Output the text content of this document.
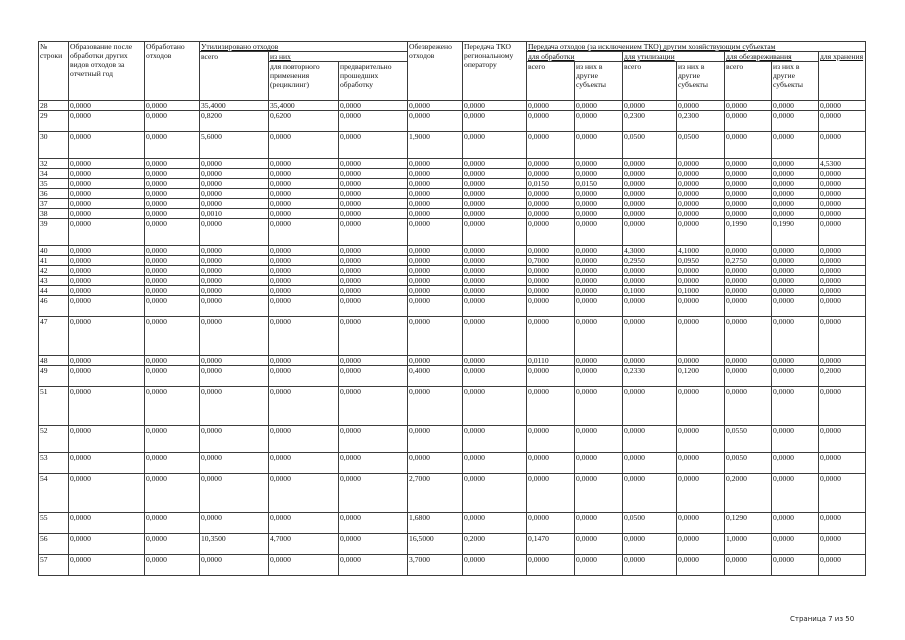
№ строки	Образование после обработки других видов отходов за отчетный год	Обработано отходов	Утилизировано отходов			Обезврежено отходов	Передача ТКО региональному оператору	Передача отходов (за исключением ТКО) другим хозяйствующим субъектам						
			всего	из них				для обработки		для утилизации		для обезвреживания		для хранения
				для повторного применения (рециклинг)	предварительно прошедших обработку			всего	из них в другие субъекты	всего	из них в другие субъекты	всего	из них в другие субъекты	
28	0,0000	0,0000	35,4000	35,4000	0,0000	0,0000	0,0000	0,0000	0,0000	0,0000	0,0000	0,0000	0,0000	0,0000
29	0,0000	0,0000	0,8200	0,6200	0,0000	0,0000	0,0000	0,0000	0,0000	0,2300	0,2300	0,0000	0,0000	0,0000
30	0,0000	0,0000	5,6000	0,0000	0,0000	1,9000	0,0000	0,0000	0,0000	0,0500	0,0500	0,0000	0,0000	0,0000
32	0,0000	0,0000	0,0000	0,0000	0,0000	0,0000	0,0000	0,0000	0,0000	0,0000	0,0000	0,0000	0,0000	4,5300
34	0,0000	0,0000	0,0000	0,0000	0,0000	0,0000	0,0000	0,0000	0,0000	0,0000	0,0000	0,0000	0,0000	0,0000
35	0,0000	0,0000	0,0000	0,0000	0,0000	0,0000	0,0000	0,0150	0,0150	0,0000	0,0000	0,0000	0,0000	0,0000
36	0,0000	0,0000	0,0000	0,0000	0,0000	0,0000	0,0000	0,0000	0,0000	0,0000	0,0000	0,0000	0,0000	0,0000
37	0,0000	0,0000	0,0000	0,0000	0,0000	0,0000	0,0000	0,0000	0,0000	0,0000	0,0000	0,0000	0,0000	0,0000
38	0,0000	0,0000	0,0010	0,0000	0,0000	0,0000	0,0000	0,0000	0,0000	0,0000	0,0000	0,0000	0,0000	0,0000
39	0,0000	0,0000	0,0000	0,0000	0,0000	0,0000	0,0000	0,0000	0,0000	0,0000	0,0000	0,1990	0,1990	0,0000
40	0,0000	0,0000	0,0000	0,0000	0,0000	0,0000	0,0000	0,0000	0,0000	4,3000	4,1000	0,0000	0,0000	0,0000
41	0,0000	0,0000	0,0000	0,0000	0,0000	0,0000	0,0000	0,7000	0,0000	0,2950	0,0950	0,2750	0,0000	0,0000
42	0,0000	0,0000	0,0000	0,0000	0,0000	0,0000	0,0000	0,0000	0,0000	0,0000	0,0000	0,0000	0,0000	0,0000
43	0,0000	0,0000	0,0000	0,0000	0,0000	0,0000	0,0000	0,0000	0,0000	0,0000	0,0000	0,0000	0,0000	0,0000
44	0,0000	0,0000	0,0000	0,0000	0,0000	0,0000	0,0000	0,0000	0,0000	0,1000	0,1000	0,0000	0,0000	0,0000
46	0,0000	0,0000	0,0000	0,0000	0,0000	0,0000	0,0000	0,0000	0,0000	0,0000	0,0000	0,0000	0,0000	0,0000
47	0,0000	0,0000	0,0000	0,0000	0,0000	0,0000	0,0000	0,0000	0,0000	0,0000	0,0000	0,0000	0,0000	0,0000
48	0,0000	0,0000	0,0000	0,0000	0,0000	0,0000	0,0000	0,0110	0,0000	0,0000	0,0000	0,0000	0,0000	0,0000
49	0,0000	0,0000	0,0000	0,0000	0,0000	0,4000	0,0000	0,0000	0,0000	0,2330	0,1200	0,0000	0,0000	0,2000
51	0,0000	0,0000	0,0000	0,0000	0,0000	0,0000	0,0000	0,0000	0,0000	0,0000	0,0000	0,0000	0,0000	0,0000
52	0,0000	0,0000	0,0000	0,0000	0,0000	0,0000	0,0000	0,0000	0,0000	0,0000	0,0000	0,0550	0,0000	0,0000
53	0,0000	0,0000	0,0000	0,0000	0,0000	0,0000	0,0000	0,0000	0,0000	0,0000	0,0000	0,0050	0,0000	0,0000
54	0,0000	0,0000	0,0000	0,0000	0,0000	2,7000	0,0000	0,0000	0,0000	0,0000	0,0000	0,2000	0,0000	0,0000
55	0,0000	0,0000	0,0000	0,0000	0,0000	1,6800	0,0000	0,0000	0,0000	0,0500	0,0000	0,1290	0,0000	0,0000
56	0,0000	0,0000	10,3500	4,7000	0,0000	16,5000	0,2000	0,1470	0,0000	0,0000	0,0000	1,0000	0,0000	0,0000
57	0,0000	0,0000	0,0000	0,0000	0,0000	3,7000	0,0000	0,0000	0,0000	0,0000	0,0000	0,0000	0,0000	0,0000
Страница 7 из 50
